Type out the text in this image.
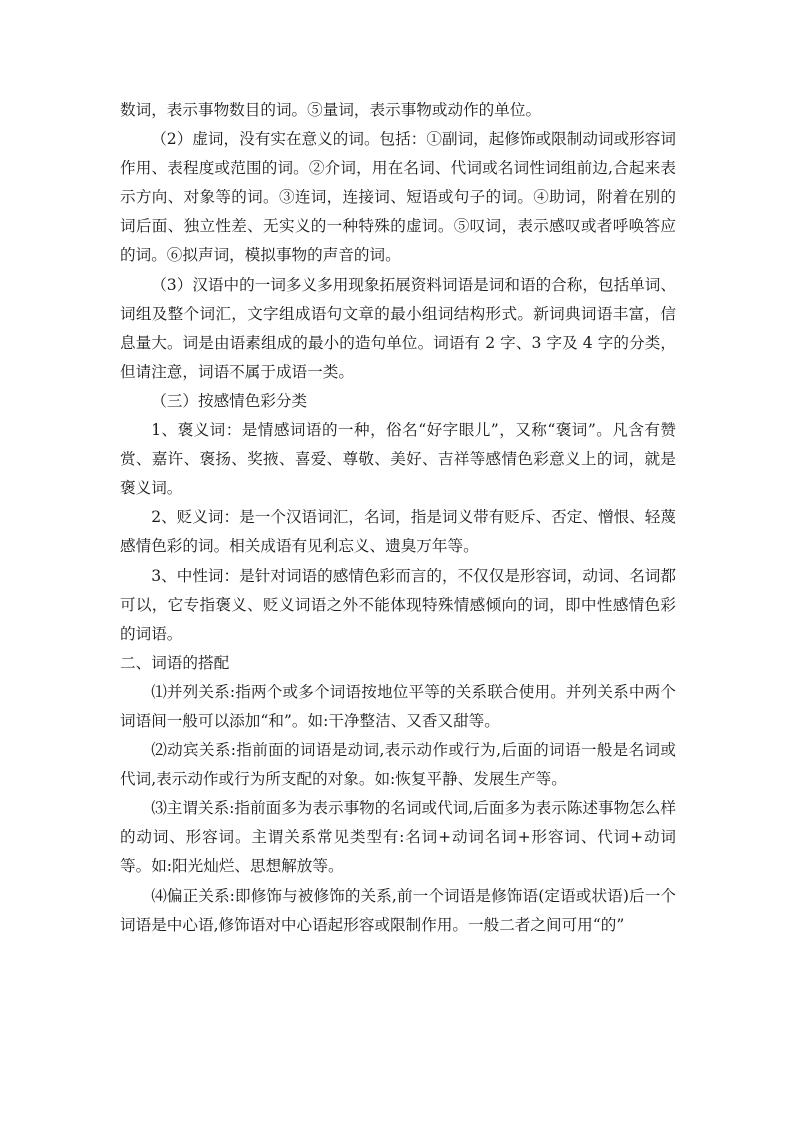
数词，表示事物数目的词。⑤量词，表示事物或动作的单位。

（2）虚词，没有实在意义的词。包括：①副词，起修饰或限制动词或形容词作用、表程度或范围的词。②介词，用在名词、代词或名词性词组前边,合起来表示方向、对象等的词。③连词，连接词、短语或句子的词。④助词，附着在别的词后面、独立性差、无实义的一种特殊的虚词。⑤叹词，表示感叹或者呼唤答应的词。⑥拟声词，模拟事物的声音的词。

（3）汉语中的一词多义多用现象拓展资料词语是词和语的合称，包括单词、词组及整个词汇，文字组成语句文章的最小组词结构形式。新词典词语丰富，信息量大。词是由语素组成的最小的造句单位。词语有 2 字、3 字及 4 字的分类，但请注意，词语不属于成语一类。

（三）按感情色彩分类

1、褒义词：是情感词语的一种，俗名“好字眼儿”，又称“褒词”。凡含有赞赏、嘉许、褒扬、奖掖、喜爱、尊敬、美好、吉祥等感情色彩意义上的词，就是褒义词。

2、贬义词：是一个汉语词汇，名词，指是词义带有贬斥、否定、憎恨、轻蔑感情色彩的词。相关成语有见利忘义、遗臭万年等。

3、中性词：是针对词语的感情色彩而言的，不仅仅是形容词，动词、名词都可以，它专指褒义、贬义词语之外不能体现特殊情感倾向的词，即中性感情色彩的词语。

二、词语的搭配

⑴并列关系:指两个或多个词语按地位平等的关系联合使用。并列关系中两个词语间一般可以添加“和”。如:干净整洁、又香又甜等。

⑵动宾关系:指前面的词语是动词,表示动作或行为,后面的词语一般是名词或代词,表示动作或行为所支配的对象。如:恢复平静、发展生产等。

⑶主谓关系:指前面多为表示事物的名词或代词,后面多为表示陈述事物怎么样的动词、形容词。主谓关系常见类型有:名词+动词名词+形容词、代词+动词等。如:阳光灿烂、思想解放等。

⑷偏正关系:即修饰与被修饰的关系,前一个词语是修饰语(定语或状语)后一个词语是中心语,修饰语对中心语起形容或限制作用。一般二者之间可用“的”
